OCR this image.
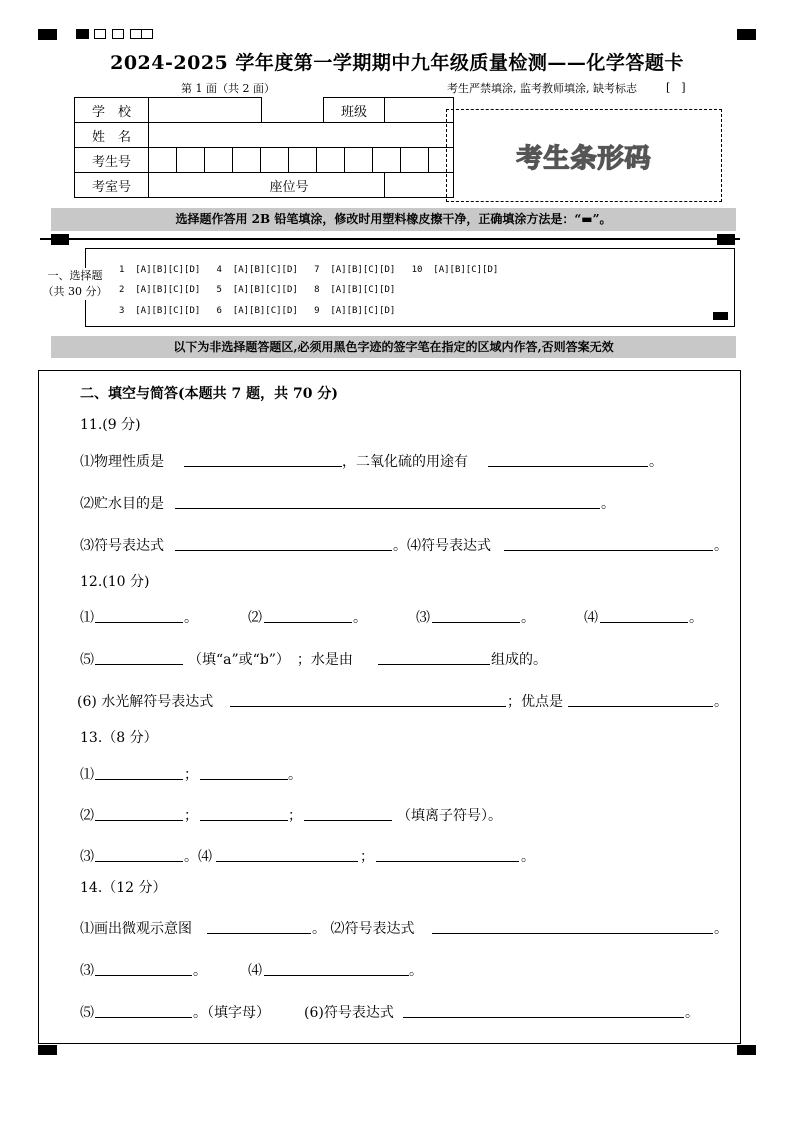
2024-2025 学年度第一学期期中九年级质量检测——化学答题卡
第 1 面（共 2 面）	考生严禁填涂, 监考教师填涂, 缺考标志	[　]
学　校			班级	
姓　名				
考生号				

考室号		座位号		
考生条形码
选择题作答用 2B 铅笔填涂，修改时用塑料橡皮擦干净，正确填涂方法是：“▬”。
一、选择题
（共 30 分）
1  [A][B][C][D]   4  [A][B][C][D]   7  [A][B][C][D]   10  [A][B][C][D]
2  [A][B][C][D]   5  [A][B][C][D]   8  [A][B][C][D]
3  [A][B][C][D]   6  [A][B][C][D]   9  [A][B][C][D]
以下为非选择题答题区,必须用黑色字迹的签字笔在指定的区域内作答,否则答案无效
二、填空与简答(本题共 7 题，共 70 分)
11.(9 分)
⑴物理性质是	，二氧化硫的用途有	。
⑵贮水目的是	。
⑶符号表达式	。⑷符号表达式	。
12.(10 分)
⑴	。	⑵	。	⑶	。	⑷	。
⑸	（填“a”或“b”）　；水是由	组成的。
(6) 水光解符号表达式	；优点是	。
13.（8 分）
⑴	；	。
⑵	；	；	（填离子符号）。
⑶	。⑷	；	。
14.（12 分）
⑴画出微观示意图	。 ⑵符号表达式	。
⑶	。	⑷	。
⑸	。（填字母） (6)符号表达式	。
